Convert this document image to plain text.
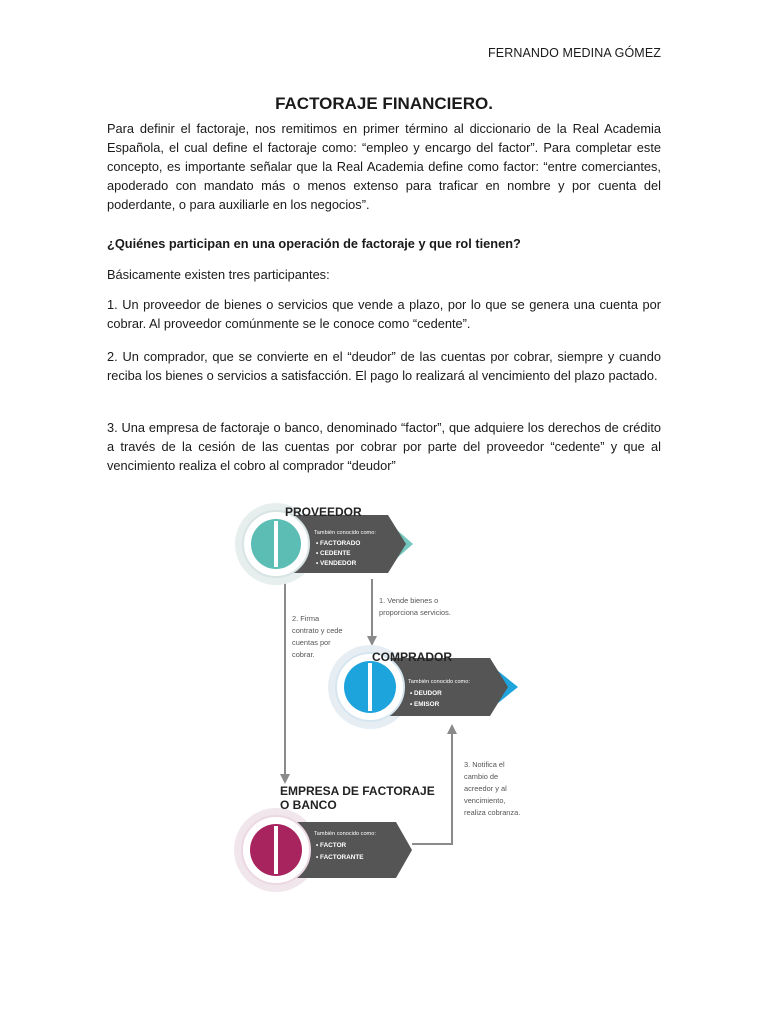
FERNANDO MEDINA GÓMEZ
FACTORAJE FINANCIERO.

Para definir el factoraje, nos remitimos en primer término al diccionario de la Real Academia Española, el cual define el factoraje como: “empleo y encargo del factor”. Para completar este concepto, es importante señalar que la Real Academia define como factor: “entre comerciantes, apoderado con mandato más o menos extenso para traficar en nombre y por cuenta del poderdante, o para auxiliarle en los negocios”.

¿Quiénes participan en una operación de factoraje y que rol tienen?

Básicamente existen tres participantes:

1. Un proveedor de bienes o servicios que vende a plazo, por lo que se genera una cuenta por cobrar. Al proveedor comúnmente se le conoce como “cedente”.

2. Un comprador, que se convierte en el “deudor” de las cuentas por cobrar, siempre y cuando reciba los bienes o servicios a satisfacción. El pago lo realizará al vencimiento del plazo pactado.

3. Una empresa de factoraje o banco, denominado “factor”, que adquiere los derechos de crédito a través de la cesión de las cuentas por cobrar por parte del proveedor “cedente” y que al vencimiento realiza el cobro al comprador “deudor”

PROVEEDOR
También conocido como:
• FACTORADO
• CEDENTE
• VENDEDOR
1. Vende bienes o
proporciona servicios.
2. Firma
contrato y cede
cuentas por
cobrar.	COMPRADOR
También conocido como:
• DEUDOR
• EMISOR
3. Notifica el
cambio de
acreedor y al
vencimiento,
realiza cobranza.
EMPRESA DE FACTORAJE
O BANCO
También conocido como:
• FACTOR
• FACTORANTE
